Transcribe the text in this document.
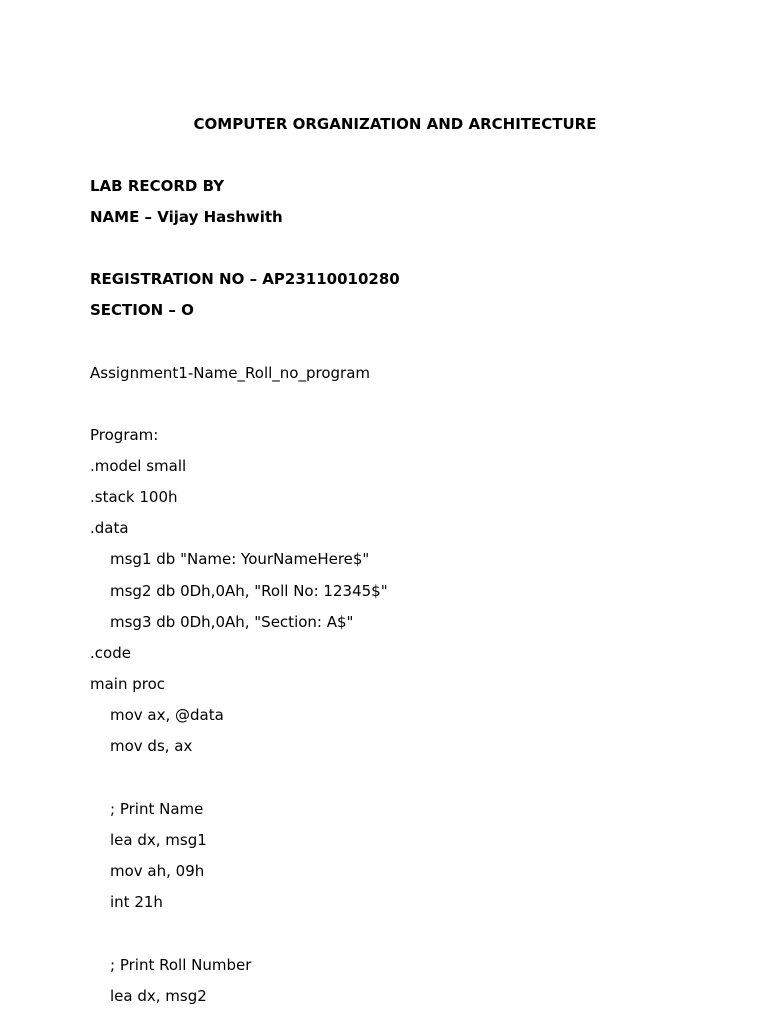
COMPUTER ORGANIZATION AND ARCHITECTURE

LAB RECORD BY

NAME – Vijay Hashwith

REGISTRATION NO – AP23110010280

SECTION – O

Assignment1-Name_Roll_no_program

Program:

.model small

.stack 100h

.data

msg1 db "Name: YourNameHere$"

msg2 db 0Dh,0Ah, "Roll No: 12345$"

msg3 db 0Dh,0Ah, "Section: A$"

.code

main proc

mov ax, @data

mov ds, ax

; Print Name

lea dx, msg1

mov ah, 09h

int 21h

; Print Roll Number

lea dx, msg2
